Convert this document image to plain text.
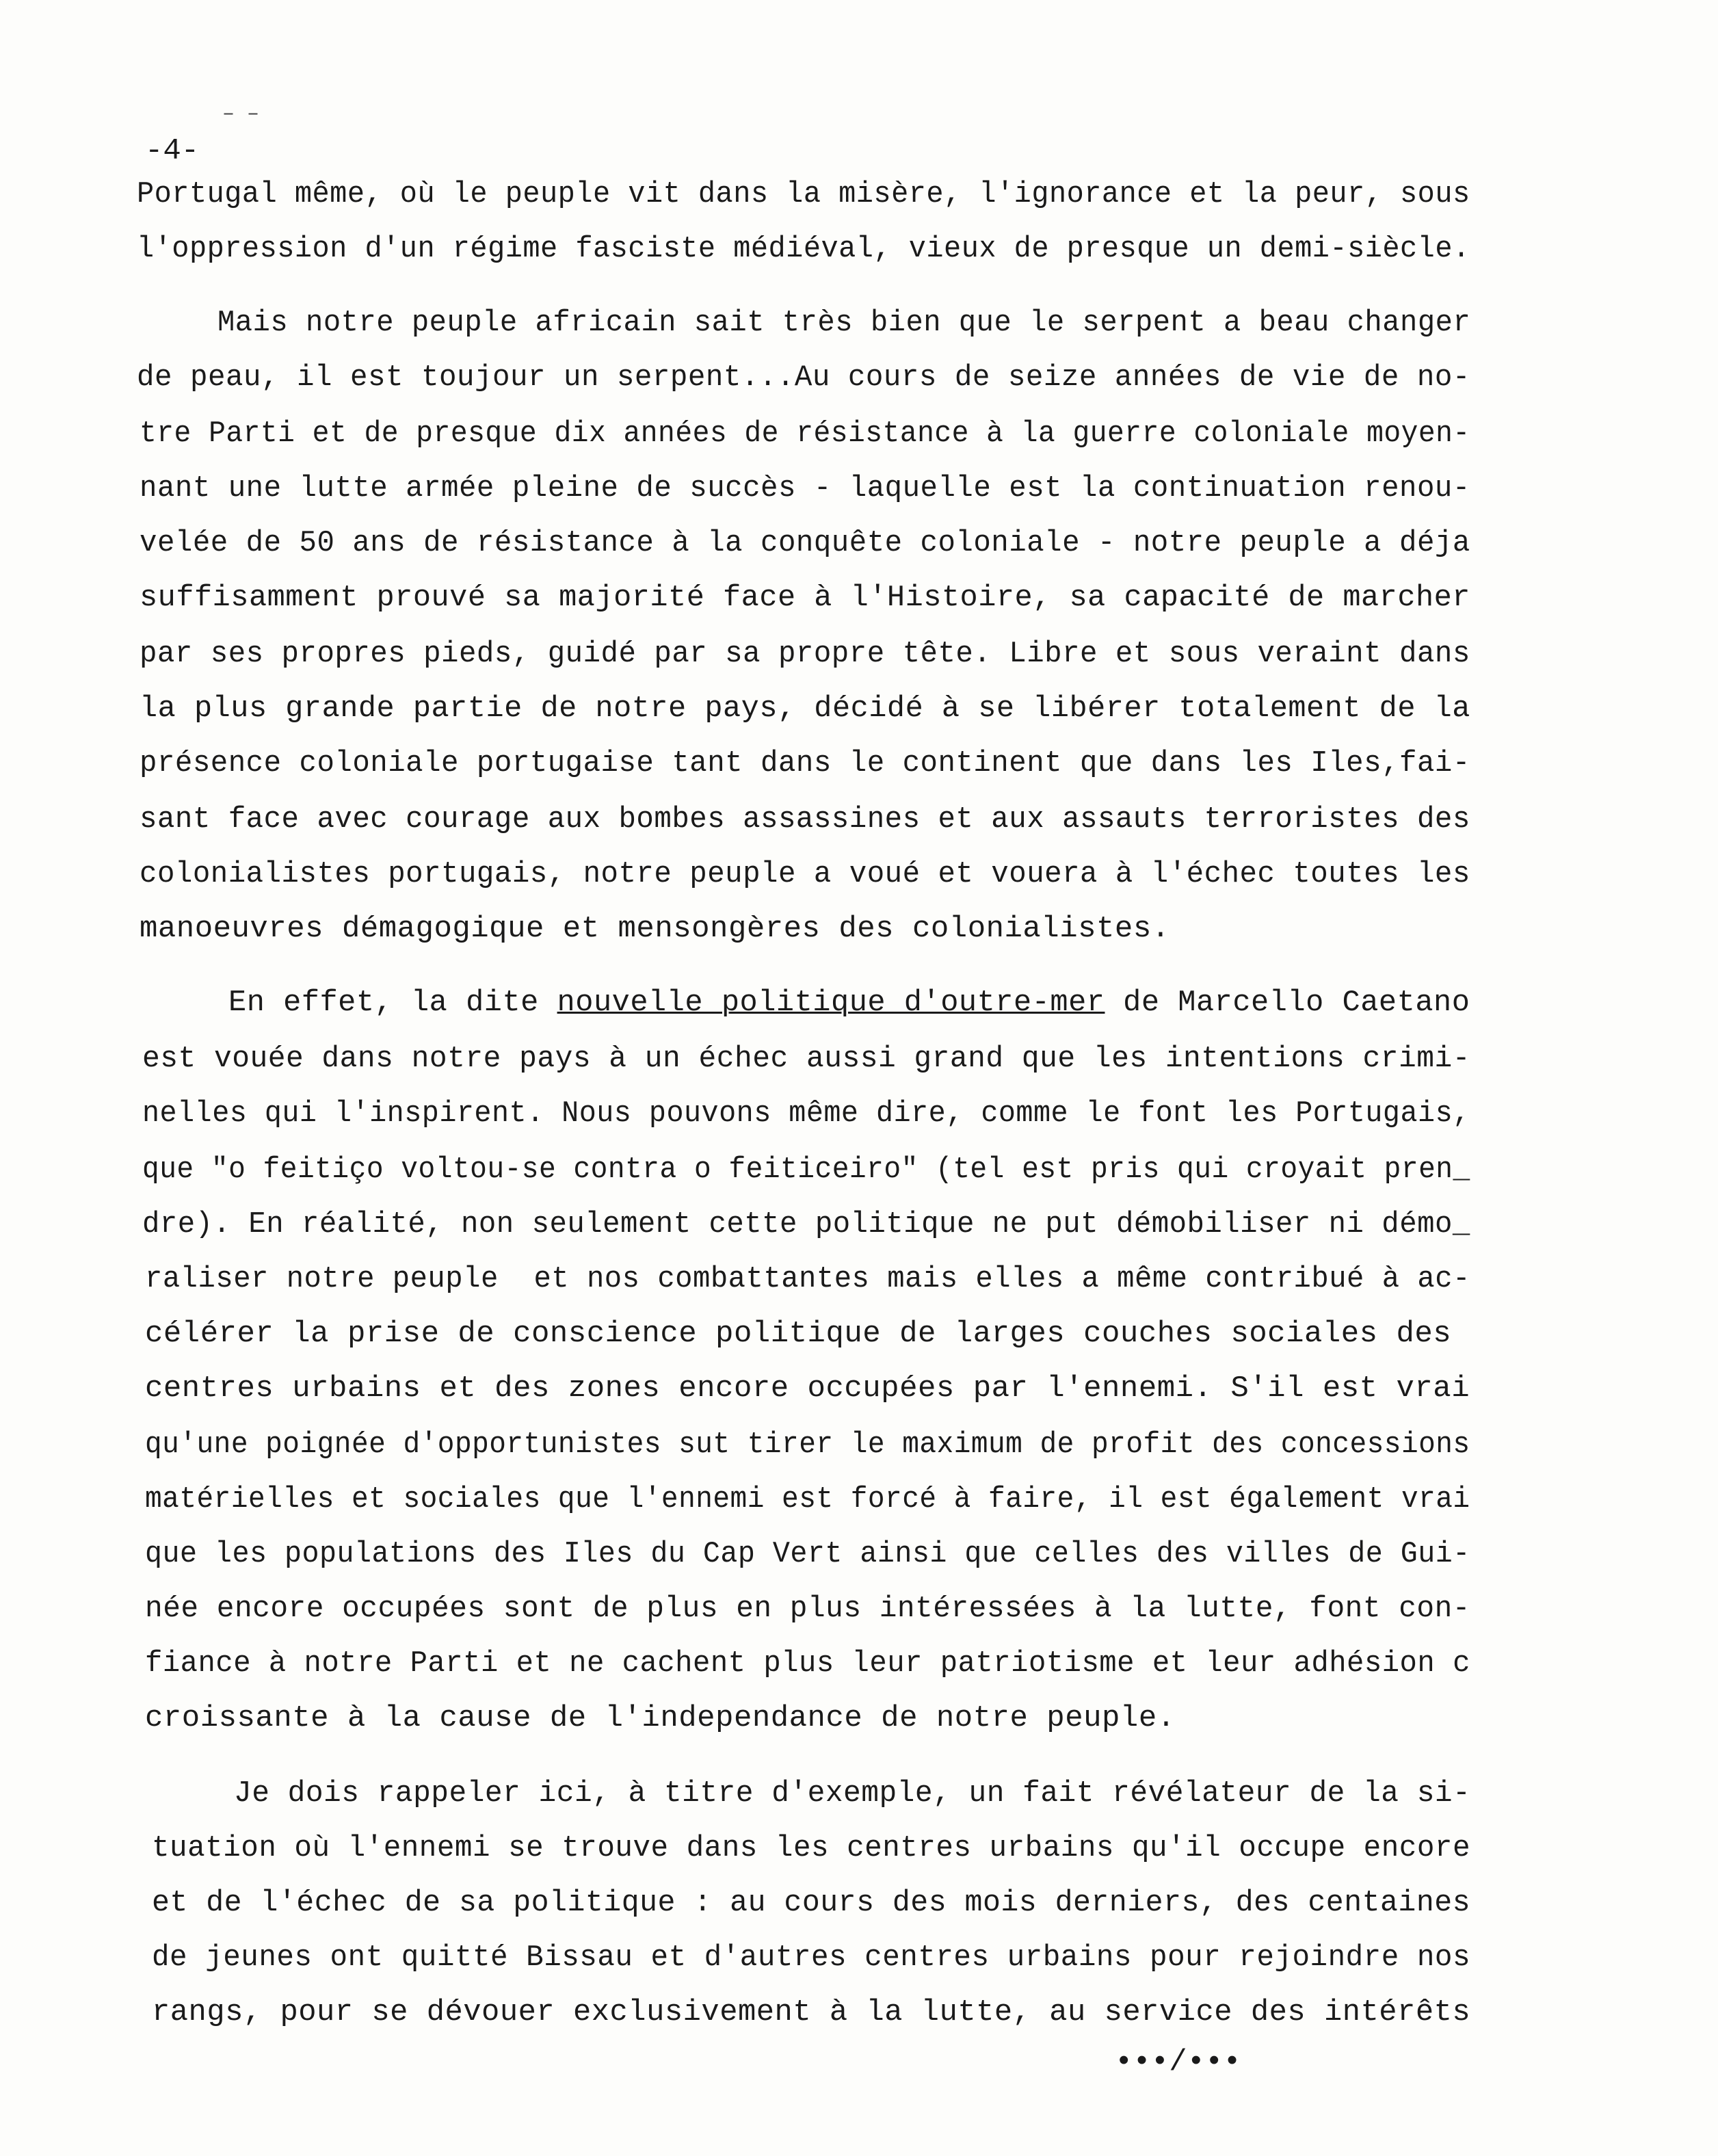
– –
-4-
Portugal même, où le peuple vit dans la misère, l'ignorance et la peur, sous
l'oppression d'un régime fasciste médiéval, vieux de presque un demi-siècle.
Mais notre peuple africain sait très bien que le serpent a beau changer
de peau, il est toujour un serpent...Au cours de seize années de vie de no-
tre Parti et de presque dix années de résistance à la guerre coloniale moyen-
nant une lutte armée pleine de succès - laquelle est la continuation renou-
velée de 50 ans de résistance à la conquête coloniale - notre peuple a déja
suffisamment prouvé sa majorité face à l'Histoire, sa capacité de marcher
par ses propres pieds, guidé par sa propre tête. Libre et sous veraint dans
la plus grande partie de notre pays, décidé à se libérer totalement de la
présence coloniale portugaise tant dans le continent que dans les Iles,fai-
sant face avec courage aux bombes assassines et aux assauts terroristes des
colonialistes portugais, notre peuple a voué et vouera à l'échec toutes les
manoeuvres démagogique et mensongères des colonialistes.
En effet, la dite nouvelle politique d'outre-mer de Marcello Caetano
est vouée dans notre pays à un échec aussi grand que les intentions crimi-
nelles qui l'inspirent. Nous pouvons même dire, comme le font les Portugais,
que "o feitiço voltou-se contra o feiticeiro" (tel est pris qui croyait pren_
dre). En réalité, non seulement cette politique ne put démobiliser ni démo_
raliser notre peuple  et nos combattantes mais elles a même contribué à ac-
célérer la prise de conscience politique de larges couches sociales des
centres urbains et des zones encore occupées par l'ennemi. S'il est vrai
qu'une poignée d'opportunistes sut tirer le maximum de profit des concessions
matérielles et sociales que l'ennemi est forcé à faire, il est également vrai
que les populations des Iles du Cap Vert ainsi que celles des villes de Gui-
née encore occupées sont de plus en plus intéressées à la lutte, font con-
fiance à notre Parti et ne cachent plus leur patriotisme et leur adhésion c
croissante à la cause de l'independance de notre peuple.
Je dois rappeler ici, à titre d'exemple, un fait révélateur de la si-
tuation où l'ennemi se trouve dans les centres urbains qu'il occupe encore
et de l'échec de sa politique : au cours des mois derniers, des centaines
de jeunes ont quitté Bissau et d'autres centres urbains pour rejoindre nos
rangs, pour se dévouer exclusivement à la lutte, au service des intérêts
•••/•••
